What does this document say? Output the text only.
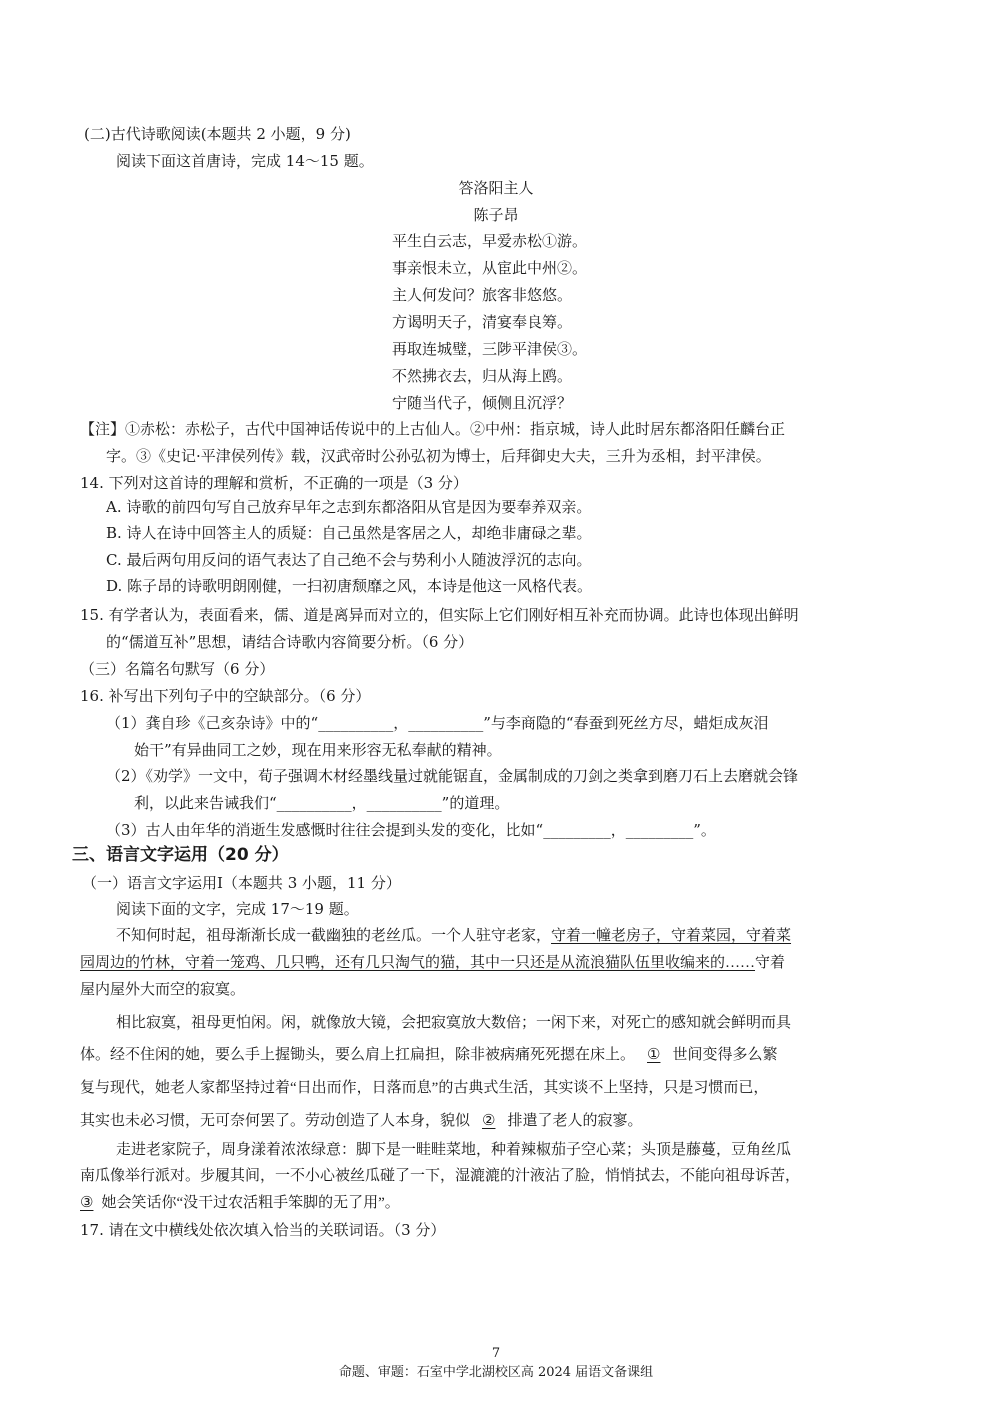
(二)古代诗歌阅读(本题共 2 小题，9 分)
阅读下面这首唐诗，完成 14～15 题。
答洛阳主人
陈子昂
平生白云志，早爱赤松①游。
事亲恨未立，从宦此中州②。
主人何发问？旅客非悠悠。
方谒明天子，清宴奉良筹。
再取连城璧，三陟平津侯③。
不然拂衣去，归从海上鸥。
宁随当代子，倾侧且沉浮？
【注】①赤松：赤松子，古代中国神话传说中的上古仙人。②中州：指京城，诗人此时居东都洛阳任麟台正
字。③《史记·平津侯列传》载，汉武帝时公孙弘初为博士，后拜御史大夫，三升为丞相，封平津侯。
14. 下列对这首诗的理解和赏析，不正确的一项是（3 分）
A. 诗歌的前四句写自己放弃早年之志到东都洛阳从官是因为要奉养双亲。
B. 诗人在诗中回答主人的质疑：自己虽然是客居之人，却绝非庸碌之辈。
C. 最后两句用反问的语气表达了自己绝不会与势利小人随波浮沉的志向。
D. 陈子昂的诗歌明朗刚健，一扫初唐颓靡之风，本诗是他这一风格代表。
15. 有学者认为，表面看来，儒、道是离异而对立的，但实际上它们刚好相互补充而协调。此诗也体现出鲜明
的“儒道互补”思想，请结合诗歌内容简要分析。（6 分）
（三）名篇名句默写（6 分）
16. 补写出下列句子中的空缺部分。（6 分）
（1）龚自珍《己亥杂诗》中的“__________，__________”与李商隐的“春蚕到死丝方尽，蜡炬成灰泪
始干”有异曲同工之妙，现在用来形容无私奉献的精神。
（2）《劝学》一文中，荀子强调木材经墨线量过就能锯直，金属制成的刀剑之类拿到磨刀石上去磨就会锋
利，以此来告诫我们“__________，__________”的道理。
（3）古人由年华的消逝生发感慨时往往会提到头发的变化，比如“_________，_________”。
三、语言文字运用（20 分）
（一）语言文字运用Ⅰ（本题共 3 小题，11 分）
阅读下面的文字，完成 17～19 题。
不知何时起，祖母渐渐长成一截幽独的老丝瓜。一个人驻守老家，守着一幢老房子，守着菜园，守着菜
园周边的竹林，守着一笼鸡、几只鸭，还有几只淘气的猫，其中一只还是从流浪猫队伍里收编来的……守着
屋内屋外大而空的寂寞。
相比寂寞，祖母更怕闲。闲，就像放大镜，会把寂寞放大数倍；一闲下来，对死亡的感知就会鲜明而具
体。经不住闲的她，要么手上握锄头，要么肩上扛扁担，除非被病痛死死摁在床上。 ① 世间变得多么繁
复与现代，她老人家都坚持过着“日出而作，日落而息”的古典式生活，其实谈不上坚持，只是习惯而已，
其实也未必习惯，无可奈何罢了。劳动创造了人本身，貌似 ② 排遣了老人的寂寥。
走进老家院子，周身漾着浓浓绿意：脚下是一畦畦菜地，种着辣椒茄子空心菜；头顶是藤蔓，豆角丝瓜
南瓜像举行派对。步履其间，一不小心被丝瓜碰了一下，湿漉漉的汁液沾了脸，悄悄拭去，不能向祖母诉苦，
③ 她会笑话你“没干过农活粗手笨脚的无了用”。
17. 请在文中横线处依次填入恰当的关联词语。（3 分）
7
命题、审题：石室中学北湖校区高 2024 届语文备课组
